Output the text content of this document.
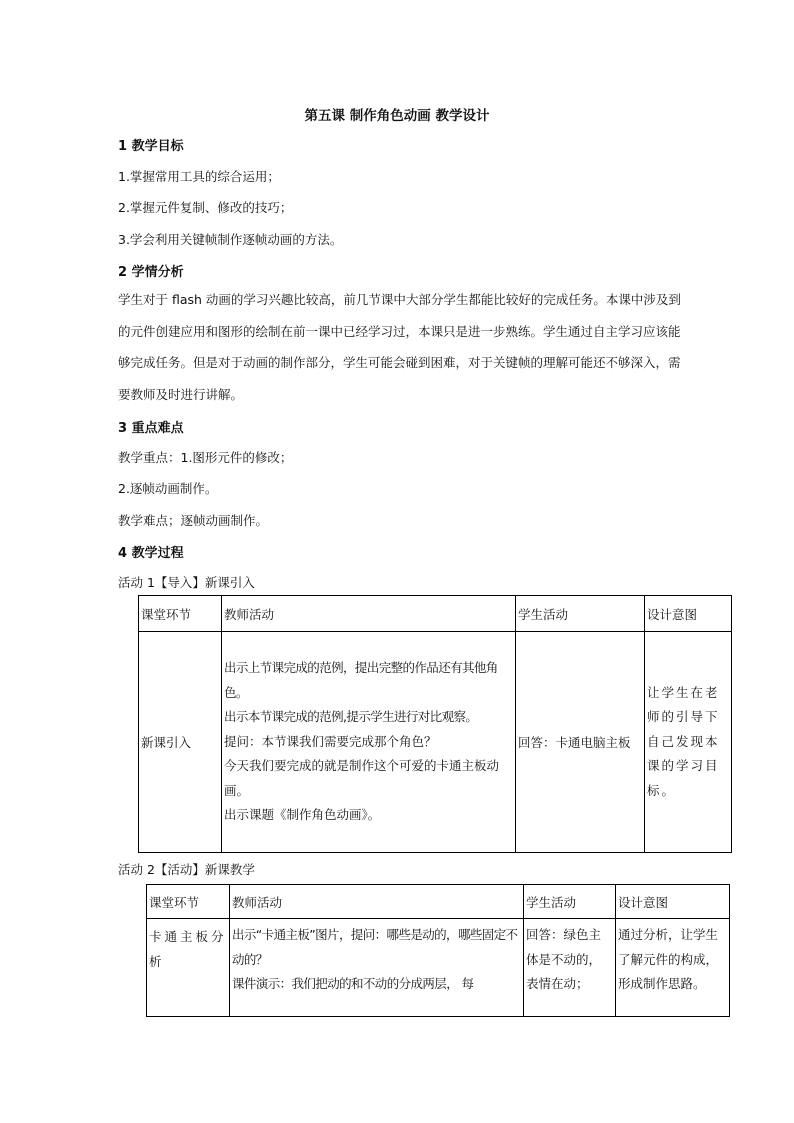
第五课 制作角色动画 教学设计
1 教学目标
1.掌握常用工具的综合运用；
2.掌握元件复制、修改的技巧；
3.学会利用关键帧制作逐帧动画的方法。
2 学情分析
学生对于 flash 动画的学习兴趣比较高，前几节课中大部分学生都能比较好的完成任务。本课中涉及到的元件创建应用和图形的绘制在前一课中已经学习过，本课只是进一步熟练。学生通过自主学习应该能够完成任务。但是对于动画的制作部分，学生可能会碰到困难，对于关键帧的理解可能还不够深入，需要教师及时进行讲解。
3 重点难点
教学重点：1.图形元件的修改；
2.逐帧动画制作。
教学难点；逐帧动画制作。
4 教学过程
活动 1【导入】新课引入
课堂环节	教师活动	学生活动	设计意图
新课引入	出示上节课完成的范例，提出完整的作品还有其他角色。
出示本节课完成的范例,提示学生进行对比观察。
提问：本节课我们需要完成那个角色？
今天我们要完成的就是制作这个可爱的卡通主板动画。
出示课题《制作角色动画》。	回答：卡通电脑主板	让学生在老师的引导下自己发现本课的学习目标。
活动 2【活动】新课教学
课堂环节	教师活动	学生活动	设计意图
卡通主板分析	出示“卡通主板”图片，提问：哪些是动的，哪些固定不动的？
课件演示：我们把动的和不动的分成两层， 每	回答：绿色主体是不动的，表情在动；	通过分析，让学生了解元件的构成，形成制作思路。
